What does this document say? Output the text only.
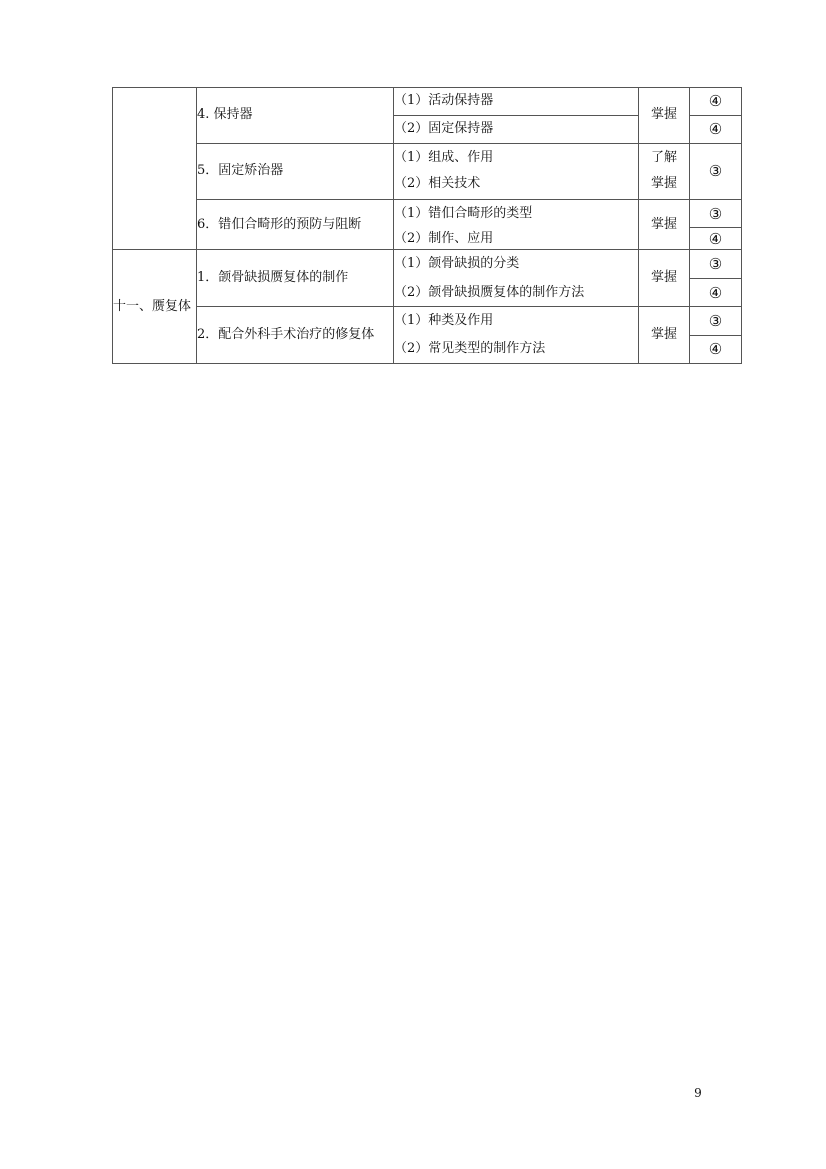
十一、赝复体
4. 保持器
5．固定矫治器
6．错㐰合畸形的预防与阻断
1．颌骨缺损赝复体的制作
2．配合外科手术治疗的修复体
（1）活动保持器
（2）固定保持器
（1）组成、作用
（2）相关技术
（1）错㐰合畸形的类型
（2）制作、应用
（1）颌骨缺损的分类
（2）颌骨缺损赝复体的制作方法
（1）种类及作用
（2）常见类型的制作方法
掌握
了解
掌握
掌握
掌握
掌握
④
④
③
③
④
③
④
③
④
9
